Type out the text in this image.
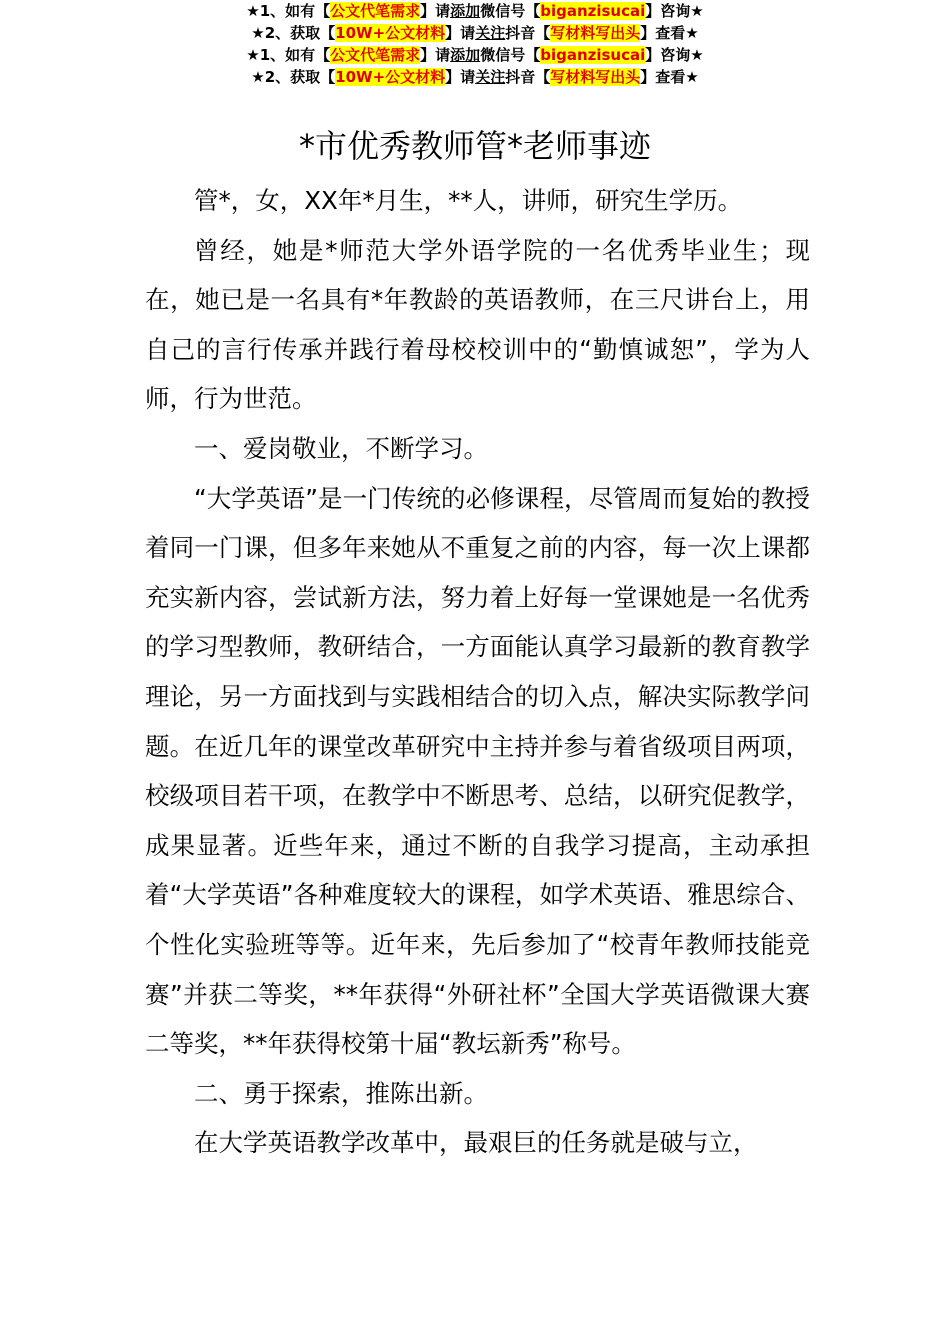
★1、如有【公文代笔需求】请添加微信号【biganzisucai】咨询★
★2、获取【10W+公文材料】请关注抖音【写材料写出头】查看★
*市优秀教师管*老师事迹

管*，女，XX年*月生，**人，讲师，研究生学历。

曾经，她是*师范大学外语学院的一名优秀毕业生；现在，她已是一名具有*年教龄的英语教师，在三尺讲台上，用自己的言行传承并践行着母校校训中的“勤慎诚恕”，学为人师，行为世范。

一、爱岗敬业，不断学习。

“大学英语”是一门传统的必修课程，尽管周而复始的教授着同一门课，但多年来她从不重复之前的内容，每一次上课都充实新内容，尝试新方法，努力着上好每一堂课她是一名优秀的学习型教师，教研结合，一方面能认真学习最新的教育教学理论，另一方面找到与实践相结合的切入点，解决实际教学问题。在近几年的课堂改革研究中主持并参与着省级项目两项，校级项目若干项，在教学中不断思考、总结，以研究促教学，成果显著。近些年来，通过不断的自我学习提高，主动承担着“大学英语”各种难度较大的课程，如学术英语、雅思综合、个性化实验班等等。近年来，先后参加了“校青年教师技能竞赛”并获二等奖，**年获得“外研社杯”全国大学英语微课大赛二等奖，**年获得校第十届“教坛新秀”称号。

二、勇于探索，推陈出新。

在大学英语教学改革中，最艰巨的任务就是破与立，

★1、如有【公文代笔需求】请添加微信号【biganzisucai】咨询★
★2、获取【10W+公文材料】请关注抖音【写材料写出头】查看★
